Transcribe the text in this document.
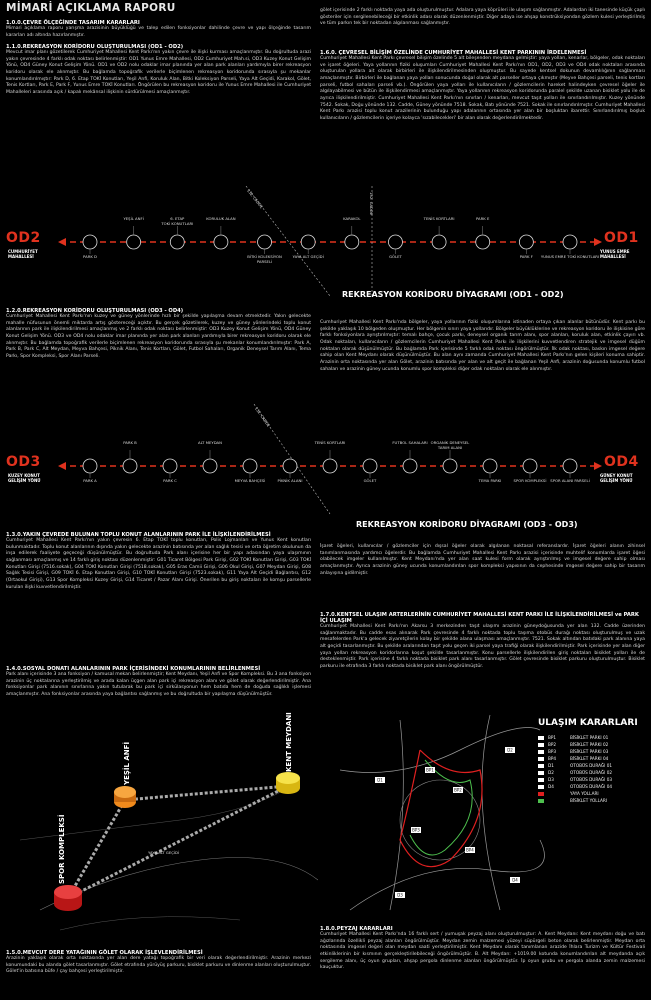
MİMARİ AÇIKLAMA RAPORU
1.0.0.ÇEVRE ÖLÇEĞİNDE TASARIM KARARLARI
Mimari açıklama raporu yarışma arazisinin büyüklüğü ve talep edilen fonksiyonlar dahilinde çevre ve yapı ölçeğinde tasarım kararları adı altında hazırlanmıştır.
1.1.0.REKREASYON KORİDORU OLUŞTURULMASI (OD1 - OD2)
Mevcut imar planı gözetilerek Cumhuriyet Mahallesi Kent Parkı'nın yakın çevre ile ilişki kurması amaçlanmıştır. Bu doğrultuda arazi yakın çevresinde 4 farklı odak noktası belirlenmiştir: OD1 Yunus Emre Mahallesi, OD2 Cumhuriyet Mah.si, OD3 Kuzey Konut Gelişim Yönü, OD4 Güney Konut Gelişim Yönü. OD1 ve OD2 nolu odaklar imar planında yer alan park alanları yardımıyla birer rekreasyon koridoru olarak ele alınmıştır. Bu bağlamda topoğrafik verilerle biçimlenen rekreasyon koridorunda sırasıyla şu mekanlar konumlandırılmıştır: Park D, 6. Etap TOKİ Konutları, Yeşil Anfi, Koruluk Alan, Bitki Koleksiyon Parseli, Yaya Alt Geçidi, Karakol, Gölet, Tenis Kortları, Park E, Park F, Yunus Emre TOKİ Konutları. Öngörülen bu rekreasyon koridoru ile Yunus Emre Mahallesi ile Cumhuriyet Mahalleleri arasında açık / kapalı mekânsal ilişkinin sürdürülmesi amaçlanmıştır.
1.2.0.REKREASYON KORİDORU OLUŞTURULMASI (OD3 - OD4)
Cumhuriyet Mahallesi Kent Parkı'nın kuzey ve güney yönlerinde hızlı bir şekilde yapılaşma devam etmektedir. Yakın gelecekte mahalle nüfusunun önemli miktarda artış göstereceği açıktır. Bu gerçek gözetilerek, kuzey ve güney yönlerindeki toplu konut alanlarının park ile ilişkilendirilmesi amaçlanmış ve 2 farklı odak noktası belirlenmiştir: OD3 Kuzey Konut Gelişim Yönü, OD4 Güney Konut Gelişim Yönü. OD3 ve OD4 nolu odaklar imar planında yer alan park alanları yardımıyla birer rekreasyon koridoru olarak ele alınmıştır. Bu bağlamda topoğrafik verilerle biçimlenen rekreasyon koridorunda sırasıyla şu mekanlar konumlandırılmıştır: Park A, Park B, Park C, Alt Meydan, Meyva Bahçesi, Piknik Alanı, Tenis Kortları, Gölet, Futbol Sahaları, Organik Deneysel Tarım Alanı, Tema Parkı, Spor Kompleksi, Spor Alanı Parseli.
1.3.0.YAKIN ÇEVREDE BULUNAN TOPLU KONUT ALANLARININ PARK İLE İLİŞKİLENDİRİLMESİ
Cumhuriyet Mahallesi Kent Parkı'nın yakın çevresin 6. Etap TOKİ toplu konutları, Polis Lojmanları ve Yunus Kent konutları bulunmaktadır. Toplu konut alanlarının dışında yakın gelecekte arazinin batısında yer alan sağlık tesisi ve orta öğretim okulunun da inşa edilerek faaliyete geçeceği düşünülmüştür. Bu doğrultuda Park alanı içerisine her bir yapı adasından yaya ulaşımının sağlanması amaçlanmış ve 14 farklı giriş noktası düzenlenmiştir: G01 Ticaret Bölgesi Park Girişi, G02 TOKİ Konutları Girişi, G03 TOKİ Konutları Girişi (7516.sokak), G04 TOKİ Konutları Girişi (7518.sokak), G05 Eras Camii Girişi, G06 Okul Girişi, G07 Meydan Girişi, G08 Sağlık Tesisi Girişi, G09 TOKİ 6. Etap Konutları Girişi, G10 TOKİ Konutları Girişi (7523.sokak), G11 Yaya Alt Geçidi Bağlantısı, G12 (Ortaokul Girişi), G13 Spor Kompleksi Kuzey Girişi, G14 Ticaret / Pazar Alanı Girişi. Önerilen bu giriş noktaları ile komşu parsellerle kurulan ilişki kuvvetlendirilmiştir.
1.4.0.SOSYAL DONATI ALANLARININ PARK İÇERİSİNDEKİ KONUMLARININ BELİRLENMESİ
Park alanı içerisinde 3 ana fonksiyon / kamusal mekan belirlenmiştir; Kent Meydanı, Yeşil Anfi ve Spor Kompleksi. Bu 3 ana fonksiyon arazinin üç noktalarına yerleştirilmiş ve arada kalan üçgen alan park içi rekreasyon alanı ve gölet olarak değerlendirilmiştir. Ana fonksiyonlar park alanının sınırlarına yakın tutularak bu park içi sirkülasyonun hem batıda hem de doğuda sağlıklı işlemesi amaçlanmıştır. Ana fonksiyonlar arasında yaya bağlantısı sağlanmış ve bu doğrultuda bir yapılaşma düşünülmüştür.
1.5.0.MEVCUT DERE YATAĞININ GÖLET OLARAK İŞLEVLENDİRİLMESİ
Arazinin yaklaşık olarak orta noktasında yer alan dere yatağı topoğrafik bir veri olarak değerlendirilmiştir. Arazinin merkezi konumundaki bu alanda gölet tasarlanmıştır. Gölet etrafında yürüyüş parkuru, bisiklet parkuru ve dinlenme alanları oluşturulmuştur. Gölet'in batısına büfe / çay bahçesi yerleştirilmiştir.
gölet içerisinde 2 farklı noktada yaya ada oluşturulmuştur. Adalara yaya köprüleri ile ulaşım sağlanmıştır. Adalardan iki tanesinde küçük çaplı gösteriler için sergilenebileceği bir etkinlik adası olarak düzenlenmiştir. Diğer adaya ise ahşap konstrüksiyondan gözlem kulesi yerleştirilmiş ve tüm parkın tek bir noktadan algılanması sağlanmıştır.
1.6.0. ÇEVRESEL BİLİŞİM ÖZELİNDE CUMHURİYET MAHALLESİ KENT PARKININ İRDELENMESİ
Cumhuriyet Mahallesi Kent Parkı çevresel bilişim özelinde 5 alt bileşenden meydana gelmiştir: yaya yolları, kenarlar, bölgeler, odak noktaları ve işaret öğeleri. Yaya yollarının fiziki oluşumları Cumhuriyet Mahallesi Kent Parkı'nın OD1, OD2, OD3 ve OD4 odak noktaları arasında oluşturulan yollara ait olarak birbirleri ile ilişkilendirilmesinden oluşmuştur. Bu sayede kentsel dokunun devamlılığının sağlanması amaçlanmıştır. Birbirleri ile bağlanan yaya yolları sonucunda doğal olarak alt parseller ortaya çıkmıştır (Meyve Bahçesi parseli, tenis kortları parseli, futbol sahaları parseli vb.). Öngörülen yaya yolları ile kullanıcıların / gözlemcilerin hareket halindeyken çevresel öğeler ile algılayabilmesi ve bütün ile ilişkilendirmesi amaçlanmıştır. Yaya yollarının rekreasyon koridorunda paralel şekilde uzanan bisiklet yolu ile de ayrıca ilişkilendirilmiştir. Cumhuriyet Mahallesi Kent Parkı'nın sınırları / kenarları, mevcut taşıt yolları ile sınırlandırılmıştır. Kuzey yönünde 7542. Sokak, Doğu yönünde 132. Cadde, Güney yönünde 7518. Sokak, Batı yönünde 7521. Sokak ile sınırlandırılmıştır. Cumhuriyet Mahallesi Kent Parkı arazisi toplu konut arazilerinin bulunduğu yapı adalarının ortasında yer alan bir boşluktan ibarettir. Sınırlandırılmış boşluk kullanıcıların / gözlemcilerin içeriye kolayca 'sızabilecekleri' bir alan olarak değerlendirilmektedir.
Cumhuriyet Mahallesi Kent Parkı'nda bölgeler, yaya yollarının fiziki oluşumlarına istinaden ortaya çıkan alanlar bütünüdür. Kent parkı bu şekilde yaklaşık 10 bölgeden oluşmuştur. Her bölgenin sınırı yaya yollarıdır. Bölgeler büyüklüklerine ve rekreasyon koridoru ile ilişkisine göre farklı fonksiyonlara ayrıştırılmıştır: temalı bahçe, çocuk parkı, deneysel organik tarım alanı, spor alanları, koruluk alan, etkinlik çayırı vb. Odak noktaları, kullanıcıların / gözlemcilerin Cumhuriyet Mahallesi Kent Parkı ile ilişkilerini kuvvetlendiren stratejik ve imgesel düğüm noktaları olarak düşünülmüştür. Bu bağlamda Park içerisinde 5 farklı odak noktası öngörülmüştür. İlk odak noktası, baskın imgesel değere sahip olan Kent Meydanı olarak düşünülmüştür. Bu alan aynı zamanda Cumhuriyet Mahallesi Kent Parkı'nın gelen kişileri konuma sahiptir. Arazinin orta noktasında yer alan Gölet, arazinin batısında yer alan ve alt geçit ile bağlanan Yeşil Anfi, arazinin doğusunda konumlu futbol sahaları ve arazinin güney ucunda konumlu spor kompleksi diğer odak noktaları olarak ele alınmıştır.
İşaret öğeleri, kullanıcılar / gözlemciler için dışsal öğeler olarak algılanan noktasal referanslardır. İşaret öğeleri alanın zihinsel tanımlanmasında yardımcı öğelerdir. Bu bağlamda Cumhuriyet Mahallesi Kent Parkı arazisi içerisinde muhtelif konumlarda işaret öğesi olabilecek imgeler kullanılmıştır. Kent Meydanı'nda yer alan saat kulesi form olarak ayrıştırılmış ve imgesel değere sahip olması amaçlanmıştır. Ayrıca arazinin güney ucunda konumlandırılan spor kompleksi yapısının da cephesinde imgesel değere sahip bir tasarım anlayışına gidilmiştir.
1.7.0.KENTSEL ULAŞIM ARTERLERİNİN CUMHURİYET MAHALLESİ KENT PARKI İLE İLİŞKİLENDİRİLMESİ ve PARK İÇİ ULAŞIM
Cumhuriyet Mahallesi Kent Parkı'nın Akarsu 3 merkezinden taşıt ulaşımı arazinin güneydoğusunda yer alan 132. Cadde üzerinden sağlanmaktadır. Bu cadde esas alınarak Park çevresinde 4 farklı noktada toplu taşıma otobüs durağı noktası oluşturulmuş ve uzak mesafelerden Park'a gelecek ziyaretçilerin kolay bir şekilde alana ulaşması amaçlanmıştır. 7521. Sokak altından batıdaki park alanına yaya alt geçidi tasarlanmıştır. Bu şekilde aralarından taşıt yolu geçen iki parsel yaya trafiği olarak ilişkilendirilmiştir. Park içerisinde yer alan diğer yaya yolları rekreasyon koridorlarına koşut şekilde tasarlanmıştır. Konu parsellerle ilişkilendirilen giriş noktaları bisiklet yolları ile de desteklenmiştir. Park içerisine 4 farklı noktada bisiklet park alanı tasarlanmıştır. Gölet çevresinde bisiklet parkuru oluşturulmuştur. Bisiklet parkuru ile etrafında 3 farklı noktada bisiklet park alanı öngörülmüştür.
1.8.0.PEYZAJ KARARLARI
Cumhuriyet Mahallesi Kent Parkı'nda 16 farklı sert / yumuşak peyzaj alanı oluşturulmuştur: A. Kent Meydanı: Kent meydanı doğu ve batı ağızlarında özellikli peyzaj alanları öngörülmüştür. Meydan zemin malzemesi yüzeyi süpürgeli beton olarak belirlenmiştir. Meydan orta noktasında imgesel değeri olan meydan saati yerleştirilmiştir. Kent Meydanı olarak tanımlanan arazide İhlara Turizm ve Kültür Festivali etkinliklerinin bir kısmının gerçekleştirilebileceği öngörülmüştür. B. Alt Meydan: +1019.00 kotunda konumlandırılan alt meydanda açık sergileme alanı, üç oyun grupları, ahşap pergola dinlenme alanları öngörülmüştür. İp oyun grubu ve pergola alanda zemin malzemesi kauçuktur.
OD2
CUMHURİYET
MAHALLESİ
OD1
YUNUS EMRE
MAHALLESİ
132. CADDE	132. CADDE
REKREASYON KORİDORU DİYAGRAMI (OD1 - OD2)
PARK D
YEŞİL ANFİ	6. ETAP
TOKİ KONUTLARI
KORULUK ALAN
BİTKİ KOLEKSİYON
PARSELİ
YAYA ALT GEÇİDİ
KARAKOL
GÖLET
TENİS KORTLARI	PARK E
PARK F	YUNUS EMRE TOKİ KONUTLARI
OD3
KUZEY KONUT
GELİŞİM YÖNÜ
OD4
GÜNEY KONUT
GELİŞİM YÖNÜ
132. CADDE
REKREASYON KORİDORU DİYAGRAMI (OD3 - OD3)
PARK A
PARK B
PARK C
ALT MEYDAN
MEYVA BAHÇESİ	PİKNİK ALANI
TENİS KORTLARI
GÖLET
FUTBOL SAHALARI ORGANİK DENEYSEL
TARIM ALANI
TEMA PARKI	SPOR KOMPLEKSİ	SPOR ALANI PARSELİ
YEŞİL ANFİ	KENT MEYDANI
SPOR KOMPLEKSİ	YAYA ALT GEÇİDİ
BP1
BP2
BP3
BP4
D1
D2
D3
D4
ULAŞIM KARARLARI
BP1	BİSİKLET PARKI 01
BP2	BİSİKLET PARKI 02
BP3	BİSİKLET PARKI 03
BP4	BİSİKLET PARKI 04
D1	OTOBÜS DURAĞI 01
D2	OTOBÜS DURAĞI 02
D3	OTOBÜS DURAĞI 03
D4	OTOBÜS DURAĞI 04
YAYA YOLLARI
BİSİKLET YOLLARI
